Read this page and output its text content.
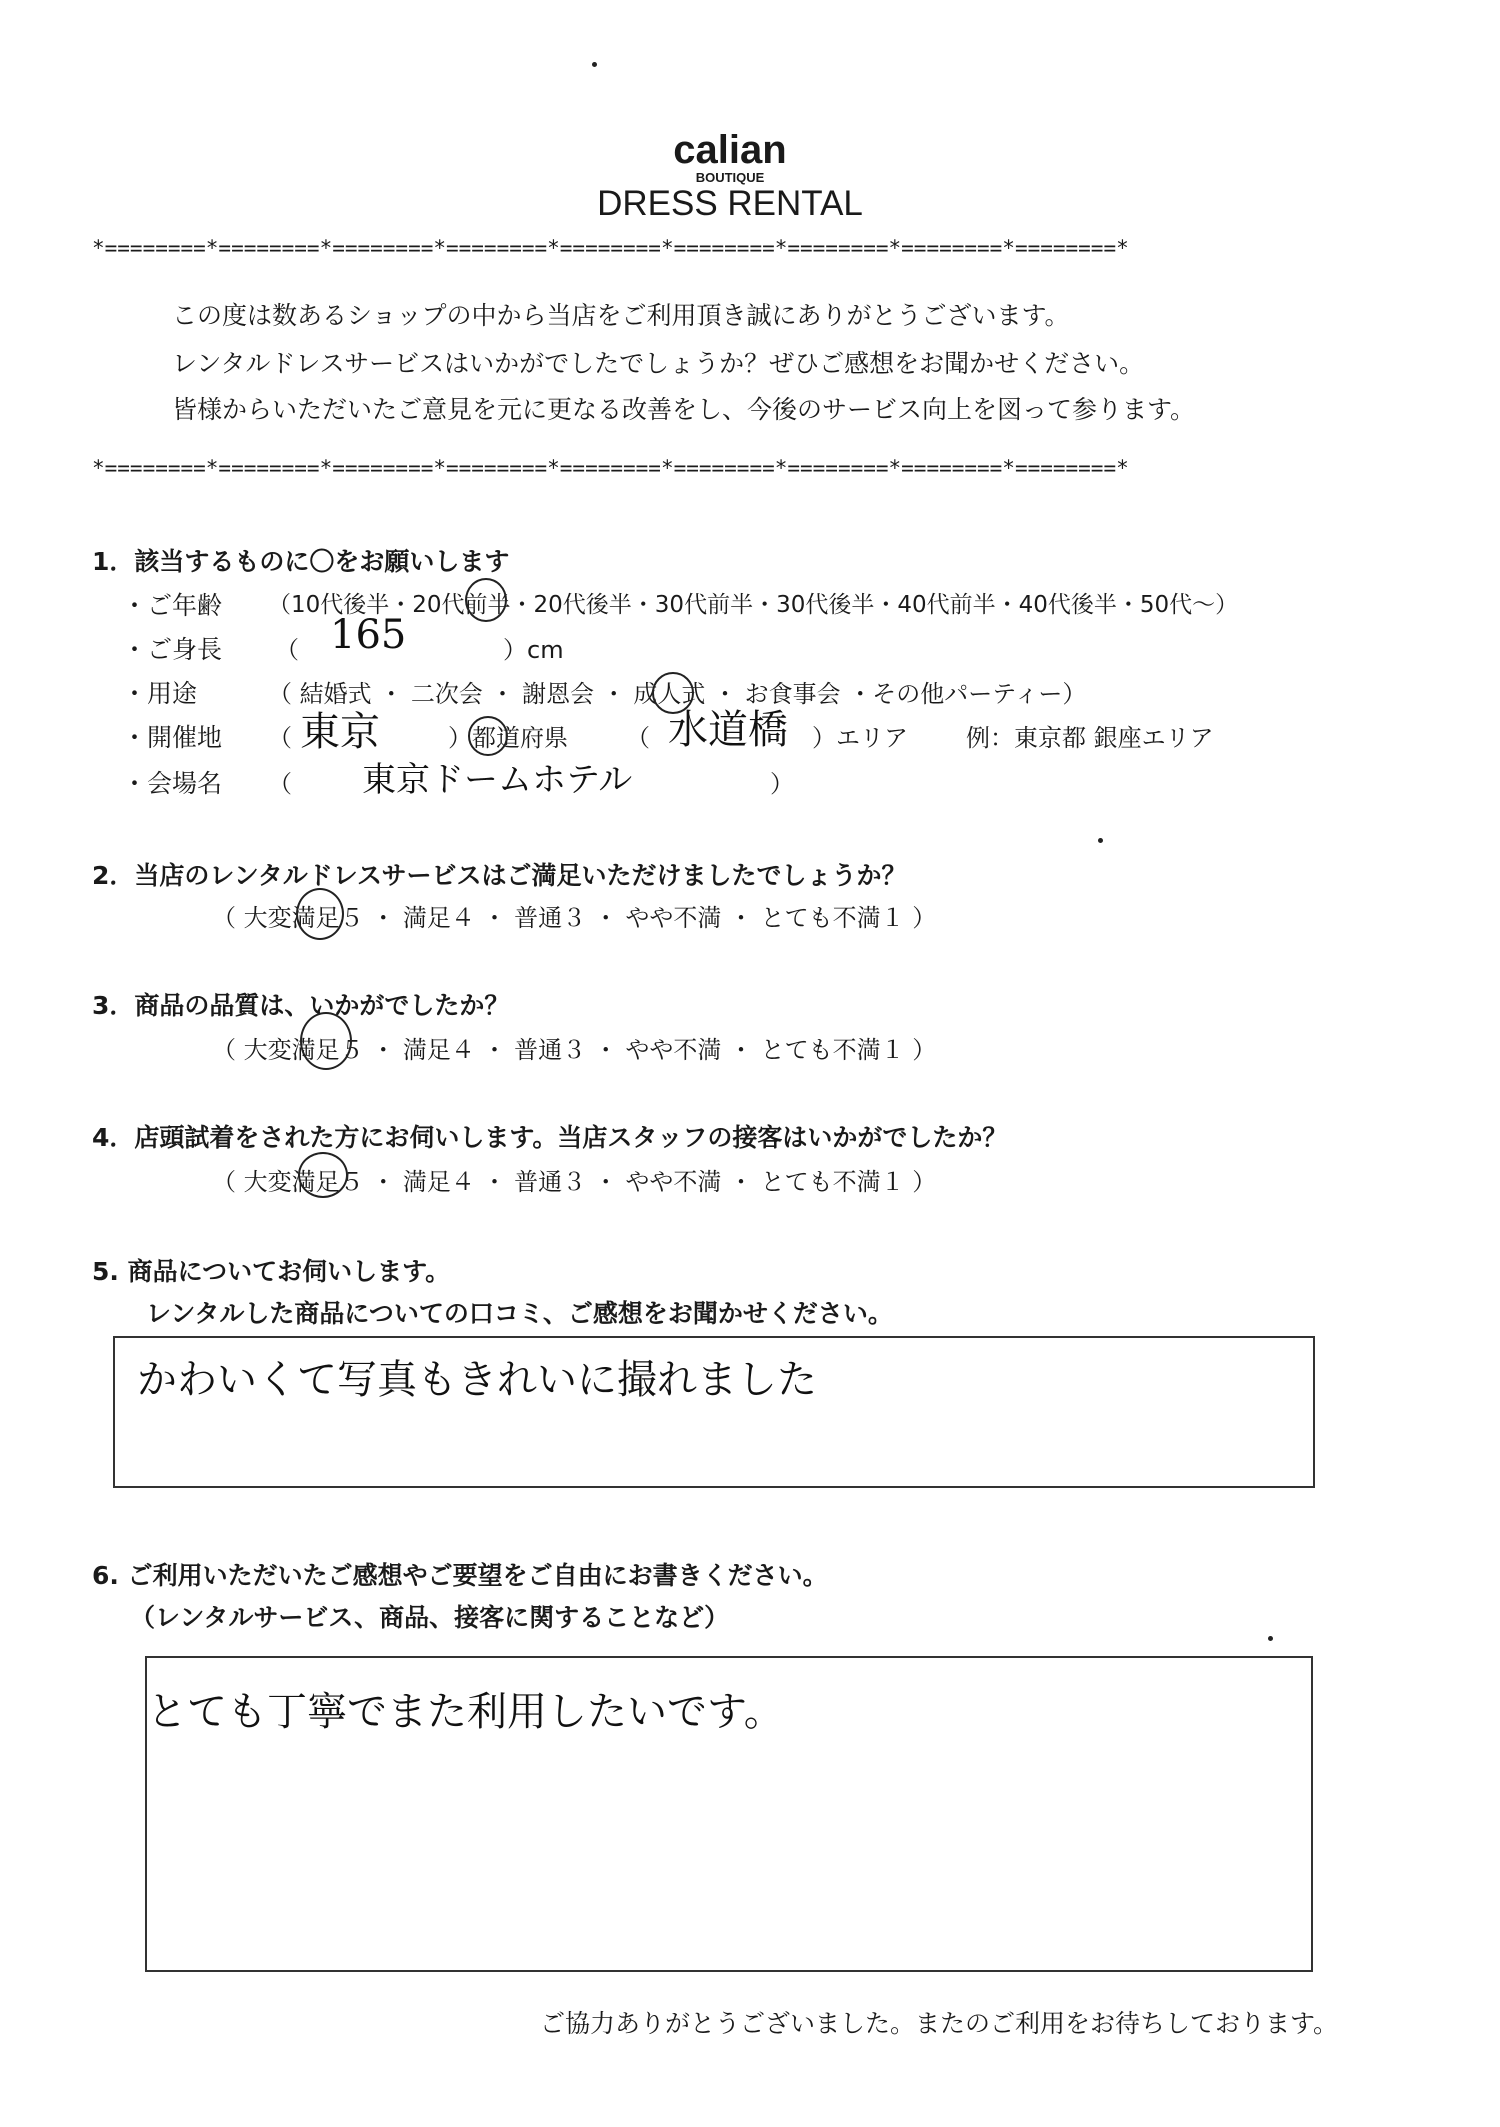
calian
BOUTIQUE
DRESS RENTAL
*========*========*========*========*========*========*========*========*========*
この度は数あるショップの中から当店をご利用頂き誠にありがとうございます。
レンタルドレスサービスはいかがでしたでしょうか？ぜひご感想をお聞かせください。
皆様からいただいたご意見を元に更なる改善をし、今後のサービス向上を図って参ります。
*========*========*========*========*========*========*========*========*========*
1．該当するものに〇をお願いします
・ご年齢 （10代後半・20代前半・20代後半・30代前半・30代後半・40代前半・40代後半・50代～）
・ご身長 （ 165	）cm
・用途	（ 結婚式 ・ 二次会 ・ 謝恩会 ・ 成人式 ・ お食事会 ・その他パーティー）
・開催地 （ 東京	）都道府県 （ 水道橋 ）エリア 例：東京都 銀座エリア
・会場名 （ 東京ドームホテル	）
2．当店のレンタルドレスサービスはご満足いただけましたでしょうか？
（ 大変満足５ ・ 満足４ ・ 普通３ ・ やや不満 ・ とても不満１ ）
3．商品の品質は、いかがでしたか？
（ 大変満足５ ・ 満足４ ・ 普通３ ・ やや不満 ・ とても不満１ ）
4．店頭試着をされた方にお伺いします。当店スタッフの接客はいかがでしたか？
（ 大変満足５ ・ 満足４ ・ 普通３ ・ やや不満 ・ とても不満１ ）
5. 商品についてお伺いします。
レンタルした商品についての口コミ、ご感想をお聞かせください。
かわいくて写真もきれいに撮れました
6. ご利用いただいたご感想やご要望をご自由にお書きください。
（レンタルサービス、商品、接客に関することなど）
とても丁寧でまた利用したいです。
ご協力ありがとうございました。またのご利用をお待ちしております。
